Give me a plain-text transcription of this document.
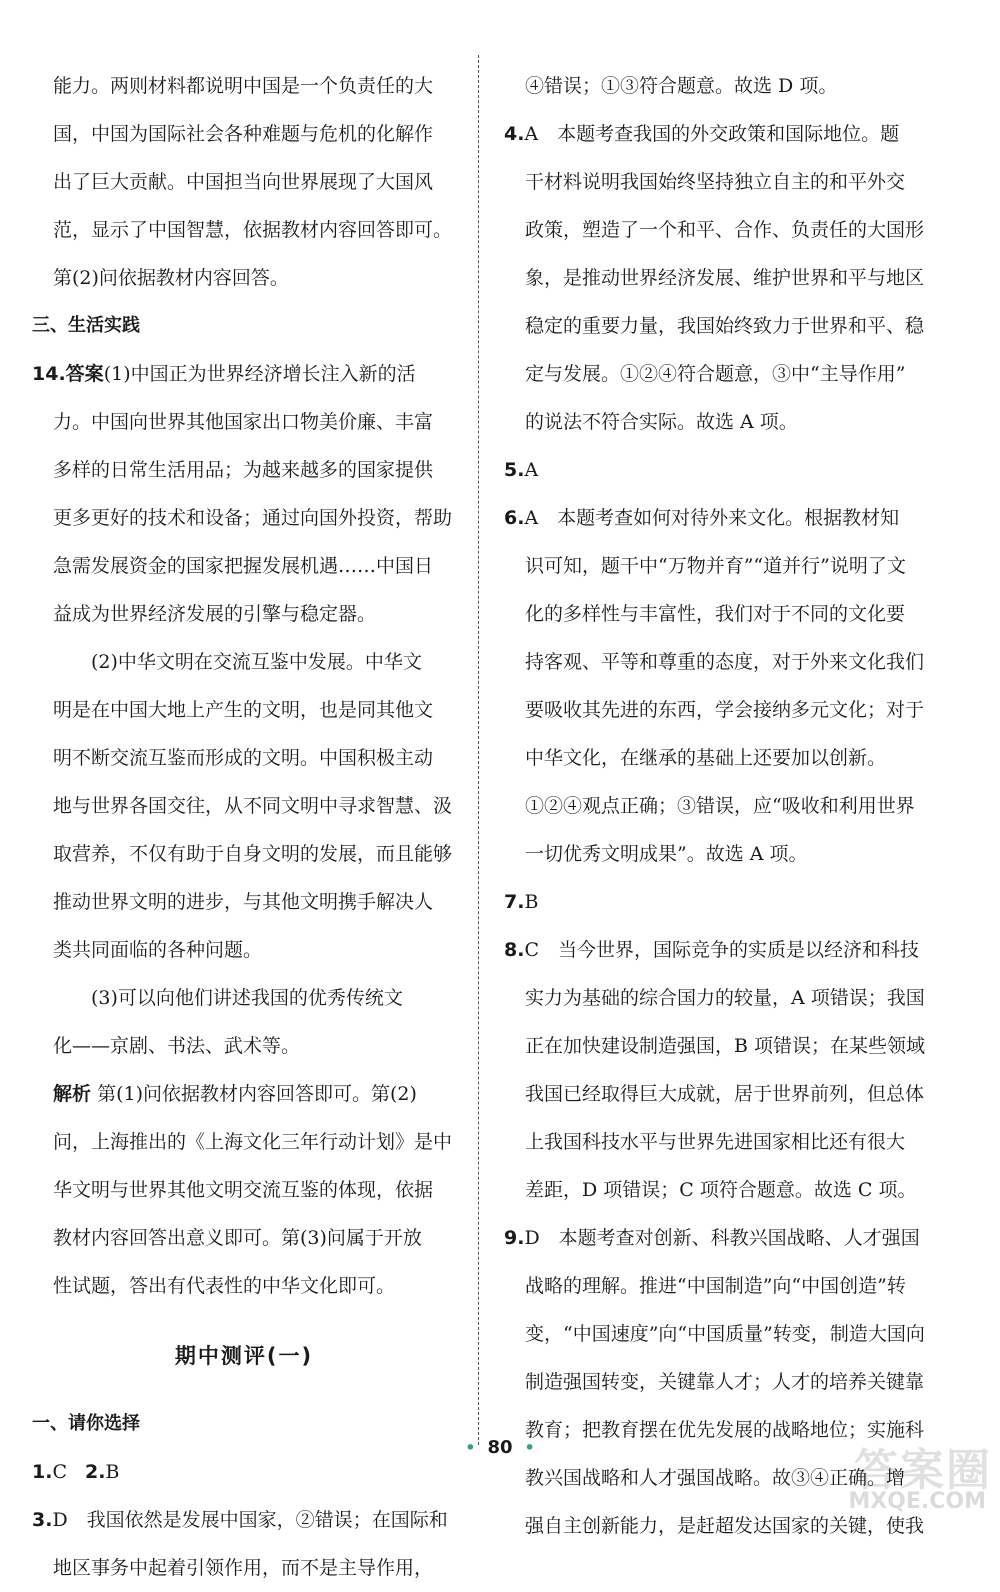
能力。两则材料都说明中国是一个负责任的大

国，中国为国际社会各种难题与危机的化解作

出了巨大贡献。中国担当向世界展现了大国风

范，显示了中国智慧，依据教材内容回答即可。

第(2)问依据教材内容回答。

三、生活实践

14.答案(1)中国正为世界经济增长注入新的活

力。中国向世界其他国家出口物美价廉、丰富

多样的日常生活用品；为越来越多的国家提供

更多更好的技术和设备；通过向国外投资，帮助

急需发展资金的国家把握发展机遇……中国日

益成为世界经济发展的引擎与稳定器。

(2)中华文明在交流互鉴中发展。中华文

明是在中国大地上产生的文明，也是同其他文

明不断交流互鉴而形成的文明。中国积极主动

地与世界各国交往，从不同文明中寻求智慧、汲

取营养，不仅有助于自身文明的发展，而且能够

推动世界文明的进步，与其他文明携手解决人

类共同面临的各种问题。

(3)可以向他们讲述我国的优秀传统文

化——京剧、书法、武术等。

解析 第(1)问依据教材内容回答即可。第(2)

问，上海推出的《上海文化三年行动计划》是中

华文明与世界其他文明交流互鉴的体现，依据

教材内容回答出意义即可。第(3)问属于开放

性试题，答出有代表性的中华文化即可。

期中测评(一)

一、请你选择

1.C 2.B

3.D　我国依然是发展中国家，②错误；在国际和

地区事务中起着引领作用，而不是主导作用，

④错误；①③符合题意。故选 D 项。

4.A　本题考查我国的外交政策和国际地位。题

干材料说明我国始终坚持独立自主的和平外交

政策，塑造了一个和平、合作、负责任的大国形

象，是推动世界经济发展、维护世界和平与地区

稳定的重要力量，我国始终致力于世界和平、稳

定与发展。①②④符合题意，③中“主导作用”

的说法不符合实际。故选 A 项。

5.A

6.A　本题考查如何对待外来文化。根据教材知

识可知，题干中“万物并育”“道并行”说明了文

化的多样性与丰富性，我们对于不同的文化要

持客观、平等和尊重的态度，对于外来文化我们

要吸收其先进的东西，学会接纳多元文化；对于

中华文化，在继承的基础上还要加以创新。

①②④观点正确；③错误，应“吸收和利用世界

一切优秀文明成果”。故选 A 项。

7.B

8.C　当今世界，国际竞争的实质是以经济和科技

实力为基础的综合国力的较量，A 项错误；我国

正在加快建设制造强国，B 项错误；在某些领域

我国已经取得巨大成就，居于世界前列，但总体

上我国科技水平与世界先进国家相比还有很大

差距，D 项错误；C 项符合题意。故选 C 项。

9.D　本题考查对创新、科教兴国战略、人才强国

战略的理解。推进“中国制造”向“中国创造”转

变，“中国速度”向“中国质量”转变，制造大国向

制造强国转变，关键靠人才；人才的培养关键靠

教育；把教育摆在优先发展的战略地位；实施科

教兴国战略和人才强国战略。故③④正确。增

强自主创新能力，是赶超发达国家的关键，使我

• 80 •	答案圈
MXQE.COM
